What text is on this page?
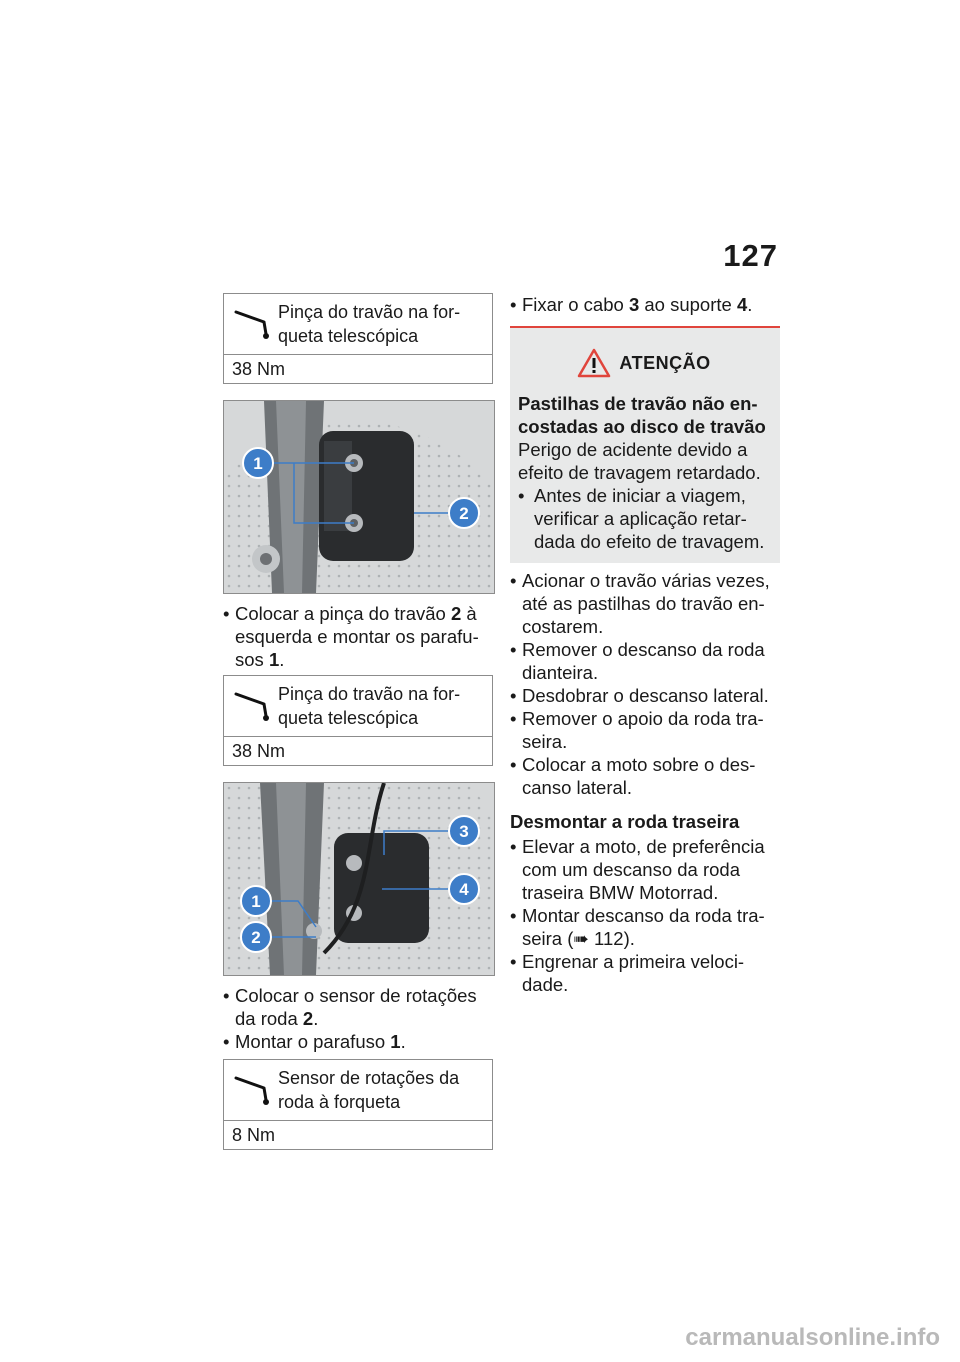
127
Pinça do travão na for-queta telescópica
38 Nm
1
2
• Colocar a pinça do travão 2 à esquerda e montar os parafu-sos 1.
Pinça do travão na for-queta telescópica
38 Nm
3
4
1
2
• Colocar o sensor de rotações da roda 2.
• Montar o parafuso 1.
Sensor de rotações da roda à forqueta
8 Nm
• Fixar o cabo 3 ao suporte 4.
ATENÇÃO
Pastilhas de travão não en-costadas ao disco de travão
Perigo de acidente devido a efeito de travagem retardado.
• Antes de iniciar a viagem, verificar a aplicação retar-dada do efeito de travagem.
• Acionar o travão várias vezes, até as pastilhas do travão en-costarem.
• Remover o descanso da roda dianteira.
• Desdobrar o descanso lateral.
• Remover o apoio da roda tra-seira.
• Colocar a moto sobre o des-canso lateral.
Desmontar a roda traseira
• Elevar a moto, de preferência com um descanso da roda traseira BMW Motorrad.
• Montar descanso da roda tra-seira (➠ 112).
• Engrenar a primeira veloci-dade.
carmanualsonline.info
